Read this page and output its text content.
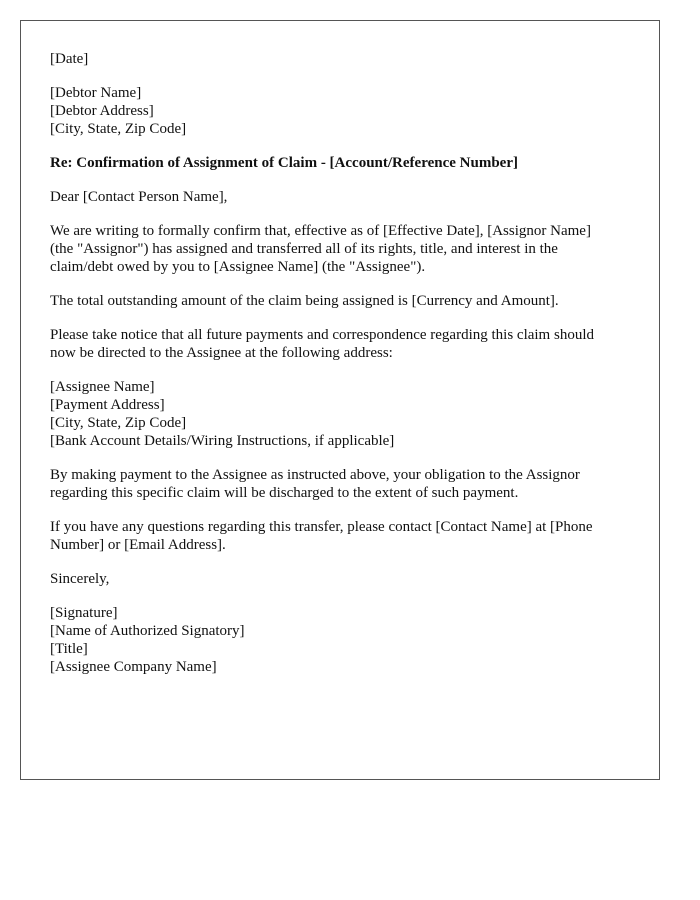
[Date]
[Debtor Name]
[Debtor Address]
[City, State, Zip Code]
Re: Confirmation of Assignment of Claim - [Account/Reference Number]
Dear [Contact Person Name],
We are writing to formally confirm that, effective as of [Effective Date], [Assignor Name]
(the "Assignor") has assigned and transferred all of its rights, title, and interest in the
claim/debt owed by you to [Assignee Name] (the "Assignee").
The total outstanding amount of the claim being assigned is [Currency and Amount].
Please take notice that all future payments and correspondence regarding this claim should
now be directed to the Assignee at the following address:
[Assignee Name]
[Payment Address]
[City, State, Zip Code]
[Bank Account Details/Wiring Instructions, if applicable]
By making payment to the Assignee as instructed above, your obligation to the Assignor
regarding this specific claim will be discharged to the extent of such payment.
If you have any questions regarding this transfer, please contact [Contact Name] at [Phone
Number] or [Email Address].
Sincerely,
[Signature]
[Name of Authorized Signatory]
[Title]
[Assignee Company Name]
